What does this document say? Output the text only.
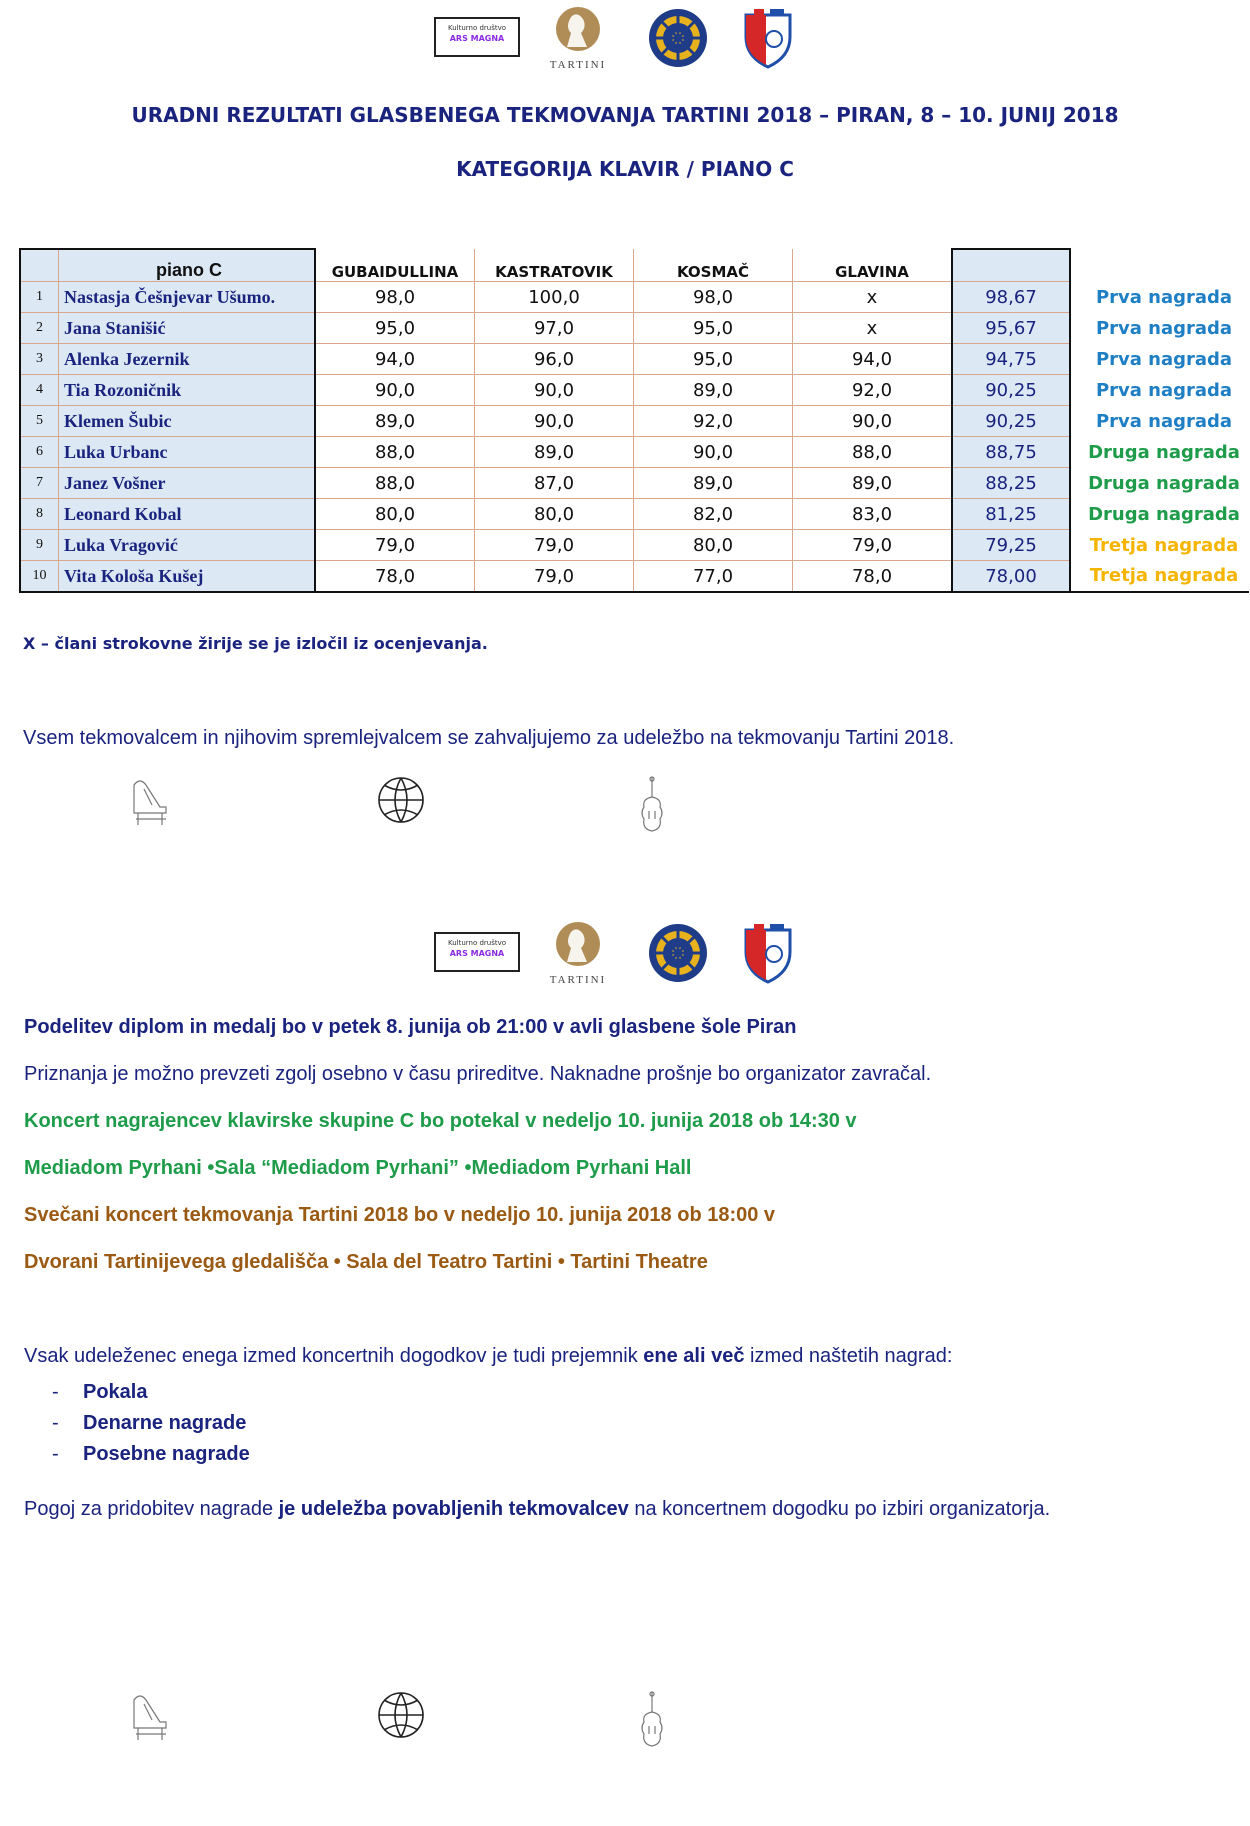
Kulturno društvo
ARS MAGNA
TARTINI
URADNI REZULTATI GLASBENEGA TEKMOVANJA TARTINI 2018 – PIRAN, 8 – 10. JUNIJ 2018
KATEGORIJA KLAVIR / PIANO C
	piano C	GUBAIDULLINA	KASTRATOVIK	KOSMAČ	GLAVINA		
1	Nastasja Češnjevar Ušumo.	98,0	100,0	98,0	x	98,67	Prva nagrada
2	Jana Stanišić	95,0	97,0	95,0	x	95,67	Prva nagrada
3	Alenka Jezernik	94,0	96,0	95,0	94,0	94,75	Prva nagrada
4	Tia Rozoničnik	90,0	90,0	89,0	92,0	90,25	Prva nagrada
5	Klemen Šubic	89,0	90,0	92,0	90,0	90,25	Prva nagrada
6	Luka Urbanc	88,0	89,0	90,0	88,0	88,75	Druga nagrada
7	Janez Vošner	88,0	87,0	89,0	89,0	88,25	Druga nagrada
8	Leonard Kobal	80,0	80,0	82,0	83,0	81,25	Druga nagrada
9	Luka Vragović	79,0	79,0	80,0	79,0	79,25	Tretja nagrada
10	Vita Kološa Kušej	78,0	79,0	77,0	78,0	78,00	Tretja nagrada
X – člani strokovne žirije se je izločil iz ocenjevanja.
Vsem tekmovalcem in njihovim spremlejvalcem se zahvaljujemo za udeležbo na tekmovanju Tartini 2018.
Kulturno društvo
ARS MAGNA
TARTINI
Podelitev diplom in medalj bo v petek 8. junija ob 21:00 v avli glasbene šole Piran
Priznanja je možno prevzeti zgolj osebno v času prireditve. Naknadne prošnje bo organizator zavračal.
Koncert nagrajencev klavirske skupine C bo potekal v nedeljo 10. junija 2018 ob 14:30 v
Mediadom Pyrhani •Sala “Mediadom Pyrhani” •Mediadom Pyrhani Hall
Svečani koncert tekmovanja Tartini 2018 bo v nedeljo 10. junija 2018 ob 18:00 v
Dvorani Tartinijevega gledališča • Sala del Teatro Tartini • Tartini Theatre
Vsak udeleženec enega izmed koncertnih dogodkov je tudi prejemnik ene ali več izmed naštetih nagrad:
- Pokala
- Denarne nagrade
- Posebne nagrade
Pogoj za pridobitev nagrade je udeležba povabljenih tekmovalcev na koncertnem dogodku po izbiri organizatorja.
